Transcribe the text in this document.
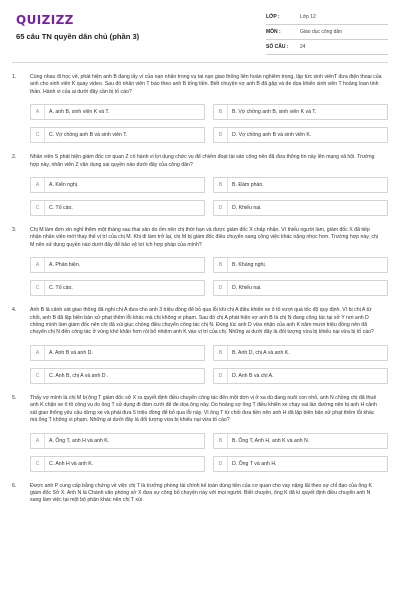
QUIZIZZ
65 câu TN quyền dân chủ (phần 3)
LỚP :	Lớp 12
MÔN :	Giáo dục công dân
SỐ CÂU :	24
1.	Cùng nhau đi học về, phát hiện anh B đang lấy ví của nạn nhân trong vụ tai nạn giao thông liên hoàn nghiêm trọng, lập tức sinh viênT đưa điện thoại của anh cho sinh viên K quay video. Sau đó nhân viên T báo theo anh B tống tiền. Biết chuyện vợ anh B đã gặp và đe dọa khiến sinh viên T hoảng loạn tinh thần. Hành vi của ai dưới đây cần bị tố cáo?
A	A. anh B, sinh viên K và T.	B	B. Vợ chồng anh B, sinh viên K và T.
C	C. Vợ chồng anh B và sinh viên T.	D	D. Vợ chồng anh B và sinh viên K.
2.	Nhân viên S phát hiện giám đốc cơ quan Z có hành vi lợi dụng chức vụ để chiếm đoạt tài sản công nên đã đưa thông tin này lên mạng xã hội. Trường hợp này, nhân viên Z vận dụng sai quyền nào dưới đây của công dân?
A	A. Kiến nghị.	B	B. Đàm phán.
C	C. Tố cáo.	D	D. Khiếu nại.
3.	Chị M làm đơn xin nghỉ thêm một tháng sau thai sản do ốm nên chị thời hạn và được giám đốc X chấp nhận. Vì thiếu người làm, giám đốc X đã tiếp nhận nhân viên mới thay thế vị trí của chị M. Khi đi làm trở lại, chị M bị giám đốc điều chuyển sang công việc khác nặng nhọc hơn. Trường hợp này, chị M nên sử dụng quyền nào dưới đây để bảo vệ lợi ích hợp pháp của mình?
A	A. Phản biện.	B	B. Kháng nghị.
C	C. Tố cáo.	D	D. Khiếu nại.
4.	Anh B là cảnh sát giao thông đã nghi chị A đưa cho anh 3 triệu đồng để bỏ qua lỗi khi chị A điều khiển xe ô tô vượt quá tốc độ quy định. Vì bị chị A từ chối, anh B đã lập biên bản xử phạt thêm lỗi khác mà chị không vi phạm. Sau đó chị A phát hiện vợ anh B là chị N đang công tác tại sở Y nơi anh D chồng mình làm giám đốc nên chị đã xúi giục chồng điều chuyển công tác chị N. Đúng lúc anh D vừa nhận của anh K năm mươi triệu đồng nên đã chuyển chị N đến công tác ở vùng khó khăn hơn rồi bổ nhiệm anh K vào vị trí của chị. Những ai dưới đây là đối tượng vừa bị khiếu nại vừa bị tố cáo?
A	A. Anh B và anh D.	B	B. Anh D, chị A và anh K.
C	C. Anh B, chị A và anh D .	D	D. Anh B và chị A.
5.	Thấy vợ mình là chị M bị ông T giám đốc sở X ra quyết định điều chuyển công tác đến một đơn vị ở xa dù đang nuôi con nhỏ, anh N chồng chị đã thuê anh K chặn xe ô tô công vụ do ông T sử dụng đi đám cưới để đe dọa ông này. Do hoảng sợ ông T điều khiển xe chạy sai làn đường nên bị anh H cảnh sát giao thông yêu cầu dừng xe và phải đưa 5 triệu đồng để bỏ qua lỗi này. Vì ông T từ chối đưa tiền nên anh H đã lập biên bản xử phạt thêm lỗi khác mà ông T không vi phạm. Những ai dưới đây là đối tượng vừa bị khiếu nại vừa tố cáo?
A	A. Ông T, anh H và anh K.	B	B. Ông T, Anh H, anh K và anh N.
C	C. Anh H và anh K.	D	D. Ông T và anh H.
6.	Được anh P cung cấp bằng chứng về việc chị T là trưởng phòng tài chính kế toán dùng tiền của cơ quan cho vay nặng lãi theo sự chỉ đạo của ông K giám đốc Sở X. Anh N là Chánh văn phòng sở X đưa sự công bố chuyện này với mọi người. Biết chuyện, ông K đã kí quyết định điều chuyển anh N sang làm việc tại một bộ phận khác nên chị T xúi
